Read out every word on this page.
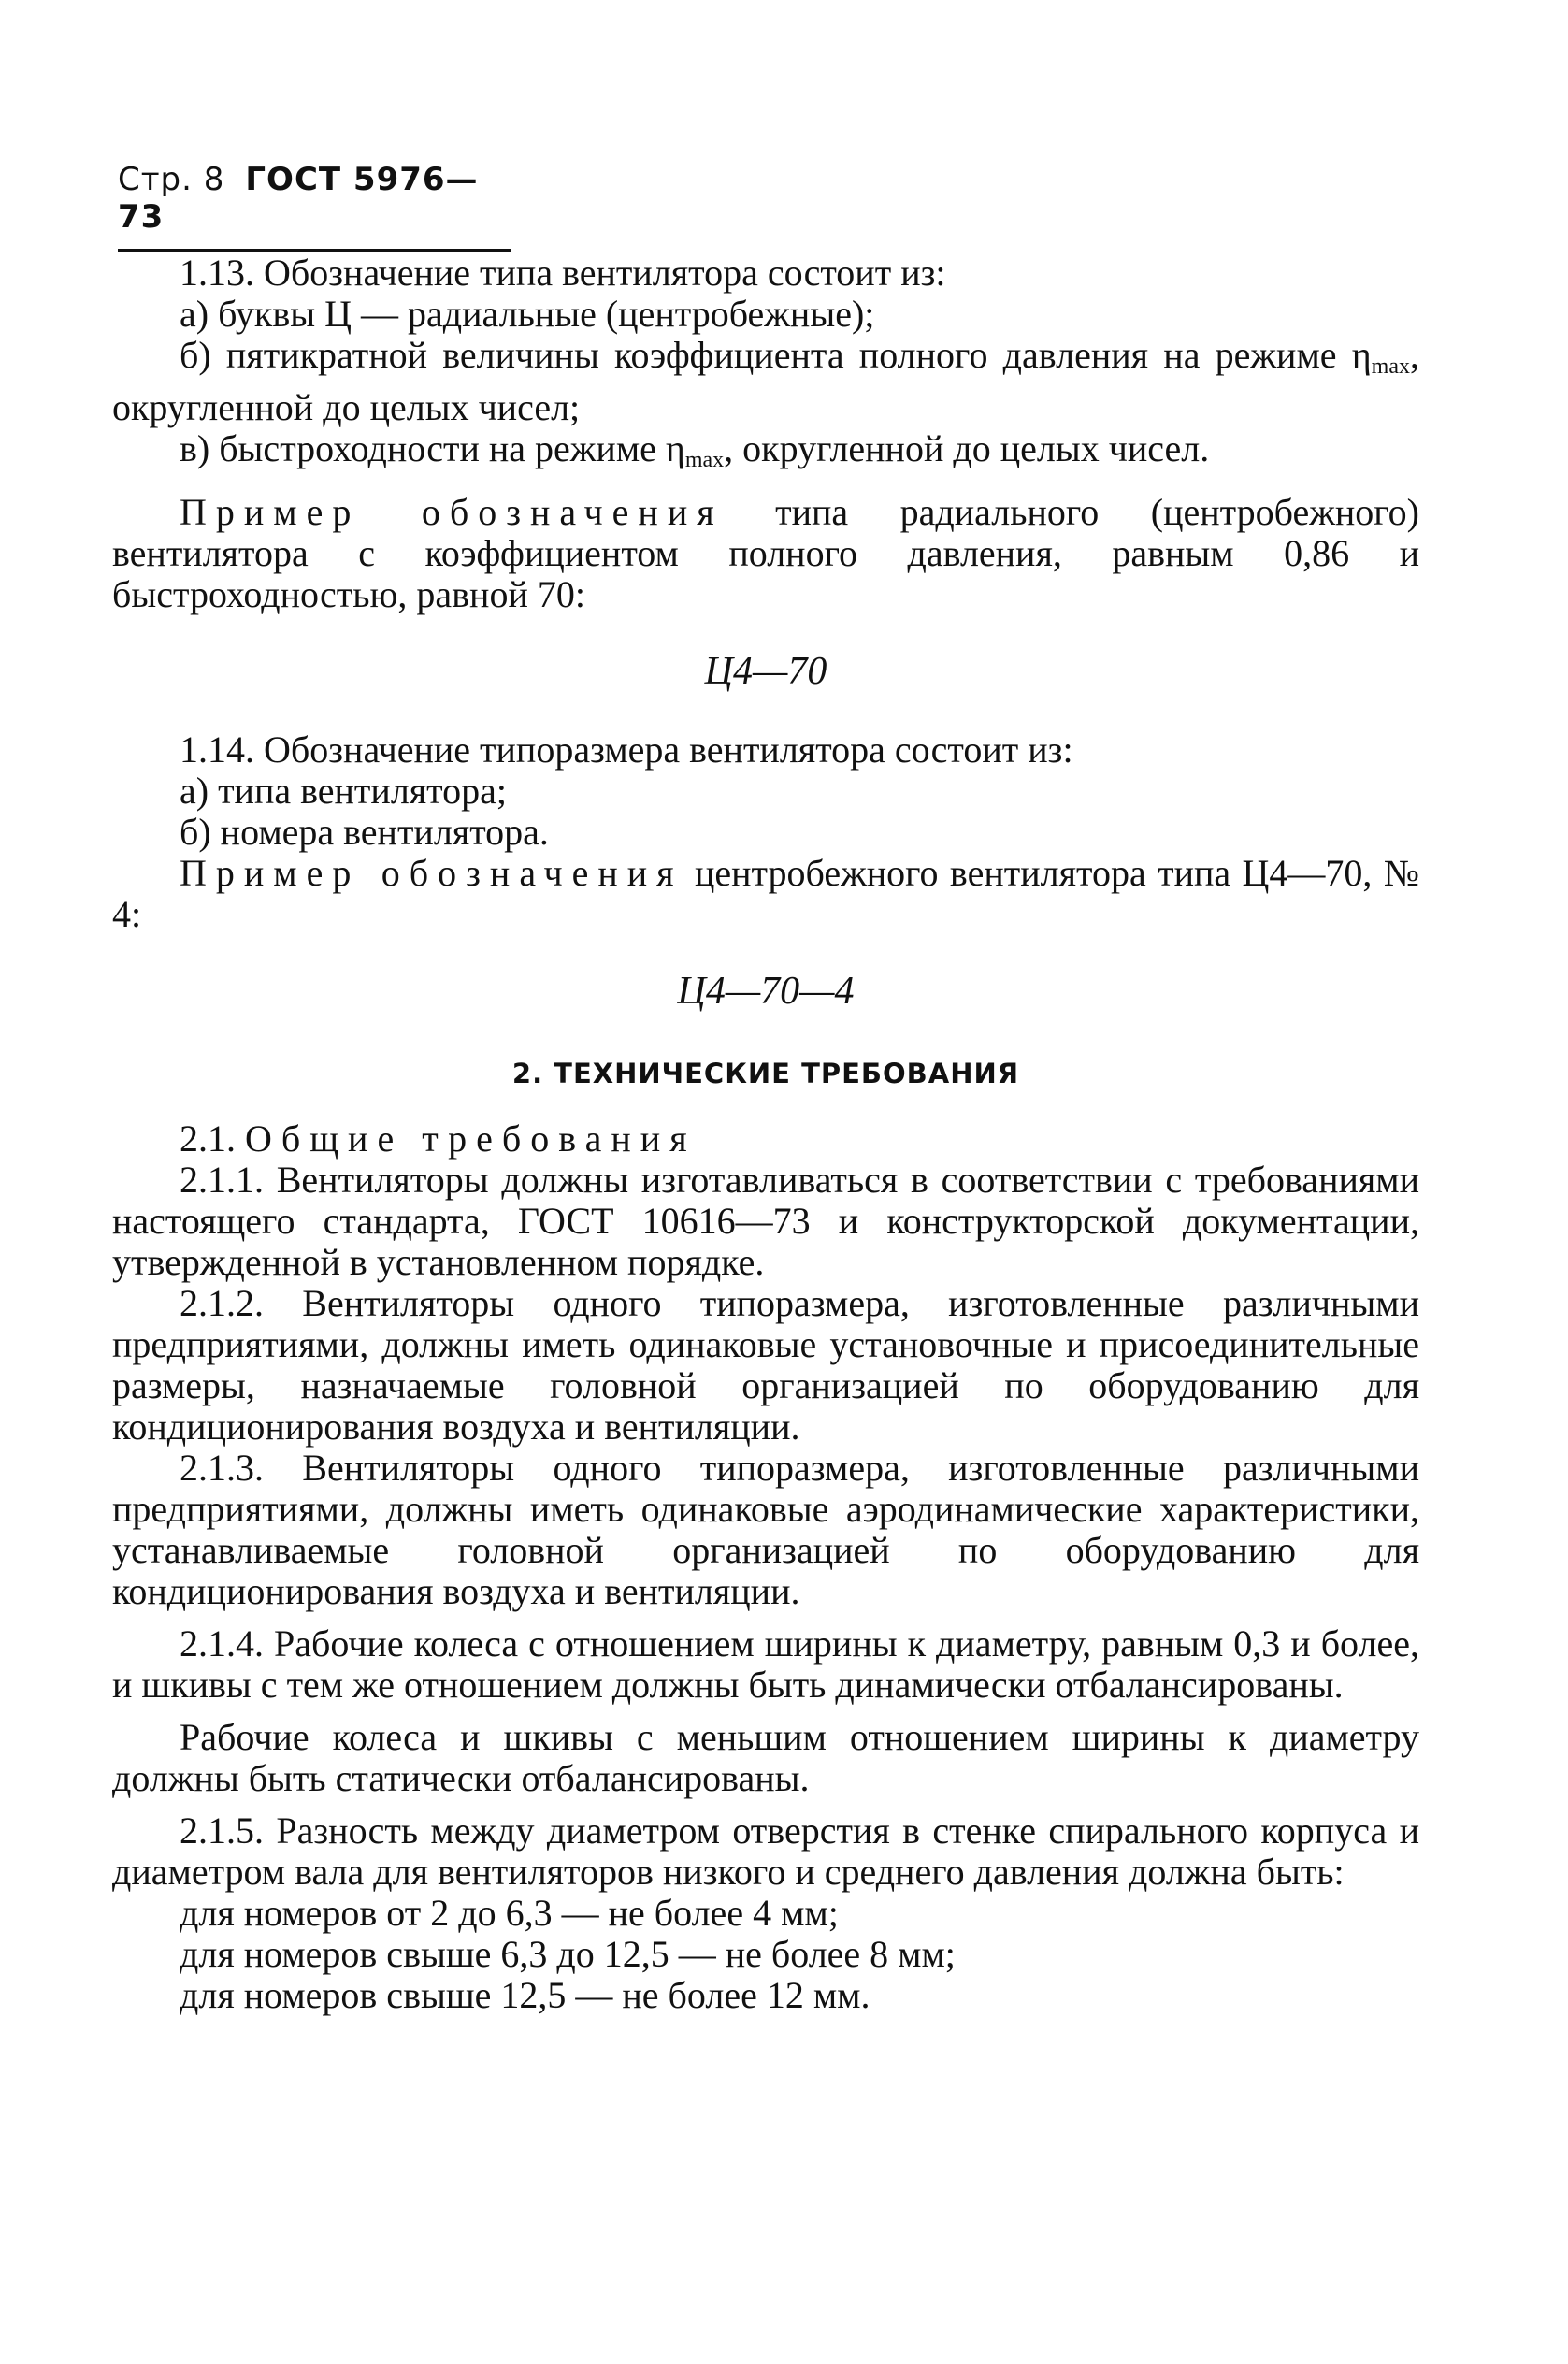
Стр. 8 ГОСТ 5976—73

1.13. Обозначение типа вентилятора состоит из:

а) буквы Ц — радиальные (центробежные);

б) пятикратной величины коэффициента полного давления на режиме $\eta_{max}$, округленной до целых чисел;

в) быстроходности на режиме $\eta_{max}$, округленной до целых чисел.

Пример обозначения типа радиального (центробежного) вентилятора с коэффициентом полного давления, равным 0,86 и быстроходностью, равной 70:

Ц4—70

1.14. Обозначение типоразмера вентилятора состоит из:

а) типа вентилятора;

б) номера вентилятора.

Пример обозначения центробежного вентилятора типа Ц4—70, № 4:

Ц4—70—4
2. ТЕХНИЧЕСКИЕ ТРЕБОВАНИЯ

2.1. Общие требования

2.1.1. Вентиляторы должны изготавливаться в соответствии с требованиями настоящего стандарта, ГОСТ 10616—73 и конструкторской документации, утвержденной в установленном порядке.

2.1.2. Вентиляторы одного типоразмера, изготовленные различными предприятиями, должны иметь одинаковые установочные и присоединительные размеры, назначаемые головной организацией по оборудованию для кондиционирования воздуха и вентиляции.

2.1.3. Вентиляторы одного типоразмера, изготовленные различными предприятиями, должны иметь одинаковые аэродинамические характеристики, устанавливаемые головной организацией по оборудованию для кондиционирования воздуха и вентиляции.

2.1.4. Рабочие колеса с отношением ширины к диаметру, равным 0,3 и более, и шкивы с тем же отношением должны быть динамически отбалансированы.

Рабочие колеса и шкивы с меньшим отношением ширины к диаметру должны быть статически отбалансированы.

2.1.5. Разность между диаметром отверстия в стенке спирального корпуса и диаметром вала для вентиляторов низкого и среднего давления должна быть:

для номеров от 2 до 6,3 — не более 4 мм;

для номеров свыше 6,3 до 12,5 — не более 8 мм;

для номеров свыше 12,5 — не более 12 мм.
